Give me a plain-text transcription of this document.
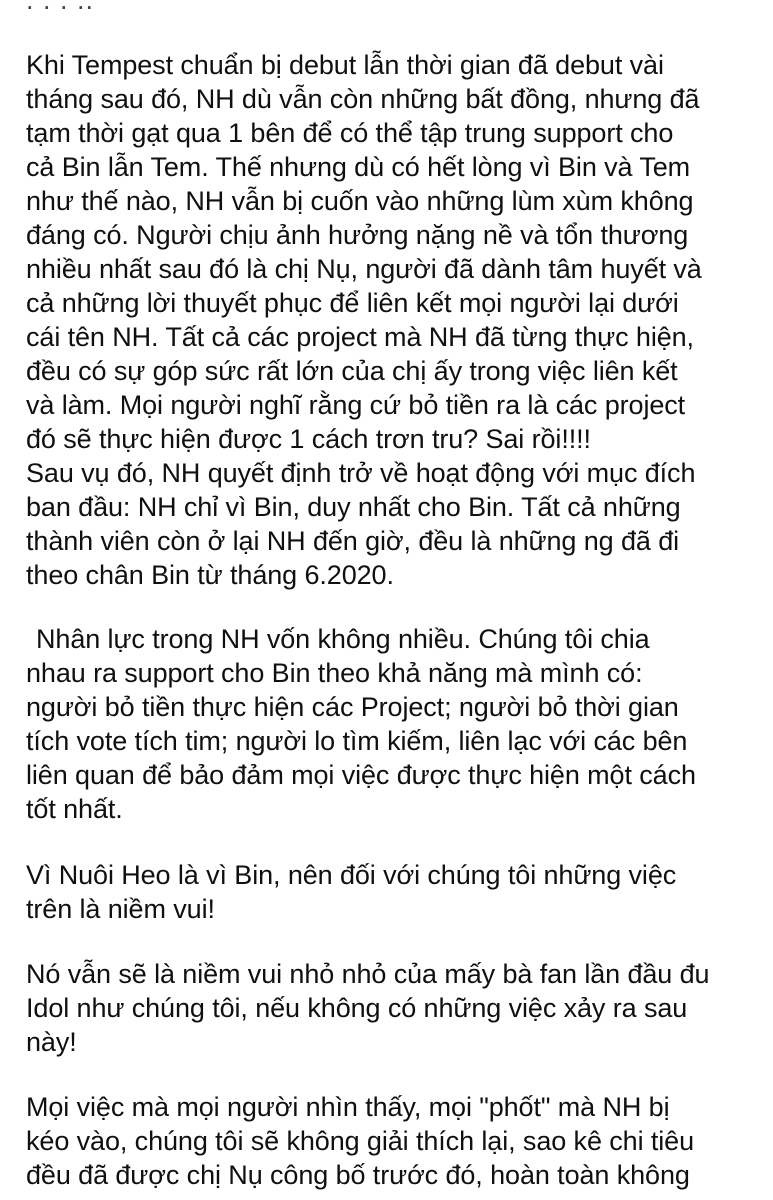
. . . ..
Khi Tempest chuẩn bị debut lẫn thời gian đã debut vài
tháng sau đó, NH dù vẫn còn những bất đồng, nhưng đã
tạm thời gạt qua 1 bên để có thể tập trung support cho
cả Bin lẫn Tem. Thế nhưng dù có hết lòng vì Bin và Tem
như thế nào, NH vẫn bị cuốn vào những lùm xùm không
đáng có. Người chịu ảnh hưởng nặng nề và tổn thương
nhiều nhất sau đó là chị Nụ, người đã dành tâm huyết và
cả những lời thuyết phục để liên kết mọi người lại dưới
cái tên NH. Tất cả các project mà NH đã từng thực hiện,
đều có sự góp sức rất lớn của chị ấy trong việc liên kết
và làm. Mọi người nghĩ rằng cứ bỏ tiền ra là các project
đó sẽ thực hiện được 1 cách trơn tru? Sai rồi!!!!
Sau vụ đó, NH quyết định trở về hoạt động với mục đích
ban đầu: NH chỉ vì Bin, duy nhất cho Bin. Tất cả những
thành viên còn ở lại NH đến giờ, đều là những ng đã đi
theo chân Bin từ tháng 6.2020.
Nhân lực trong NH vốn không nhiều. Chúng tôi chia
nhau ra support cho Bin theo khả năng mà mình có:
người bỏ tiền thực hiện các Project; người bỏ thời gian
tích vote tích tim; người lo tìm kiếm, liên lạc với các bên
liên quan để bảo đảm mọi việc được thực hiện một cách
tốt nhất.
Vì Nuôi Heo là vì Bin, nên đối với chúng tôi những việc
trên là niềm vui!
Nó vẫn sẽ là niềm vui nhỏ nhỏ của mấy bà fan lần đầu đu
Idol như chúng tôi, nếu không có những việc xảy ra sau
này!
Mọi việc mà mọi người nhìn thấy, mọi "phốt" mà NH bị
kéo vào, chúng tôi sẽ không giải thích lại, sao kê chi tiêu
đều đã được chị Nụ công bố trước đó, hoàn toàn không
